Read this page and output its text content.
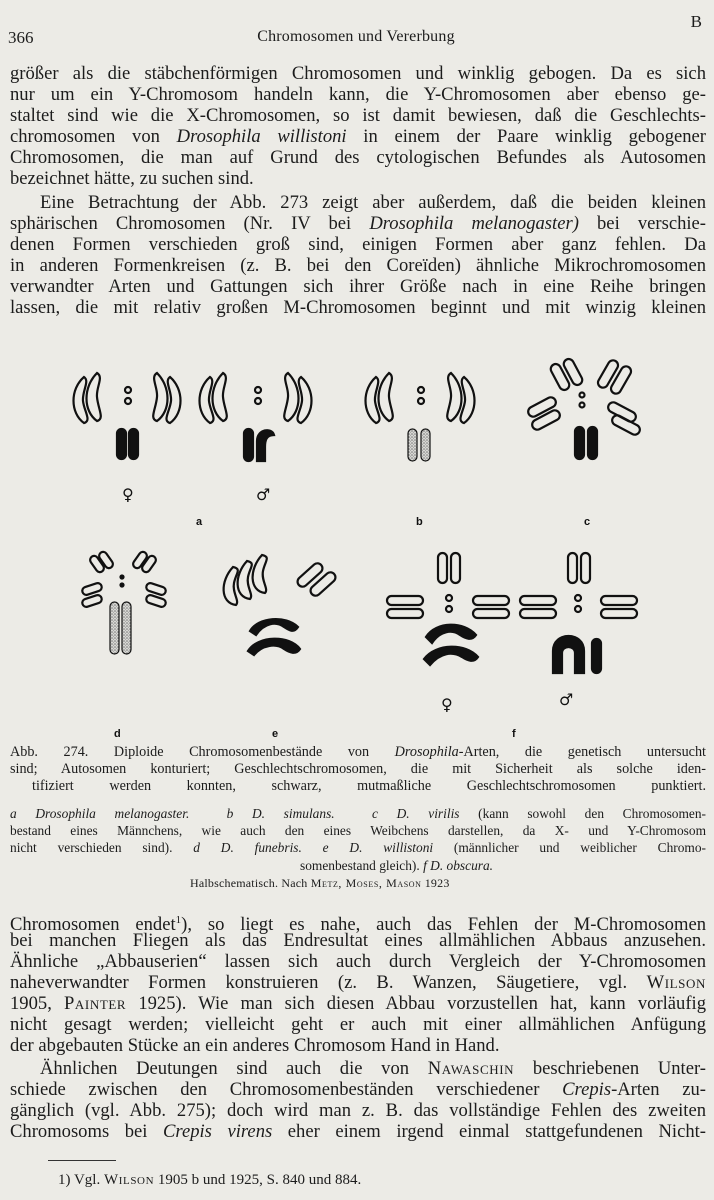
366	Chromosomen und Vererbung
B

größer als die stäbchenförmigen Chromosomen und winklig gebogen. Da es sich

nur um ein Y-Chromosom handeln kann, die Y-Chromosomen aber ebenso ge-

staltet sind wie die X-Chromosomen, so ist damit bewiesen, daß die Geschlechts-

chromosomen von Drosophila willistoni in einem der Paare winklig gebogener

Chromosomen, die man auf Grund des cytologischen Befundes als Autosomen

bezeichnet hätte, zu suchen sind.

Eine Betrachtung der Abb. 273 zeigt aber außerdem, daß die beiden kleinen

sphärischen Chromosomen (Nr. IV bei Drosophila melanogaster) bei verschie-

denen Formen verschieden groß sind, einigen Formen aber ganz fehlen. Da

in anderen Formenkreisen (z. B. bei den Coreïden) ähnliche Mikrochromosomen

verwandter Arten und Gattungen sich ihrer Größe nach in eine Reihe bringen

lassen, die mit relativ großen M-Chromosomen beginnt und mit winzig kleinen

♀	♂
a	b	c
♀	♂
d	e	f

Abb. 274. Diploide Chromosomenbestände von Drosophila-Arten, die genetisch untersucht

sind; Autosomen konturiert; Geschlechtschromosomen, die mit Sicherheit als solche iden-

tifiziert werden konnten, schwarz, mutmaßliche Geschlechtschromosomen punktiert.

a Drosophila melanogaster.	b D. simulans.	c D. virilis (kann sowohl den Chromosomen-

bestand eines Männchens, wie auch den eines Weibchens darstellen, da X- und Y-Chromosom

nicht verschieden sind). d D. funebris. e D. willistoni (männlicher und weiblicher Chromo-

somenbestand gleich). f D. obscura.
Halbschematisch. Nach Metz, Moses, Mason 1923

Chromosomen endet$^1$), so liegt es nahe, auch das Fehlen der M-Chromosomen

bei manchen Fliegen als das Endresultat eines allmählichen Abbaus anzusehen.

Ähnliche „Abbauserien“ lassen sich auch durch Vergleich der Y-Chromosomen

naheverwandter Formen konstruieren (z. B. Wanzen, Säugetiere, vgl. Wilson

1905, Painter 1925). Wie man sich diesen Abbau vorzustellen hat, kann vorläufig

nicht gesagt werden; vielleicht geht er auch mit einer allmählichen Anfügung

der abgebauten Stücke an ein anderes Chromosom Hand in Hand.

Ähnlichen Deutungen sind auch die von Nawaschin beschriebenen Unter-

schiede zwischen den Chromosomenbeständen verschiedener Crepis-Arten zu-

gänglich (vgl. Abb. 275); doch wird man z. B. das vollständige Fehlen des zweiten

Chromosoms bei Crepis virens eher einem irgend einmal stattgefundenen Nicht-

1) Vgl. Wilson 1905 b und 1925, S. 840 und 884.
